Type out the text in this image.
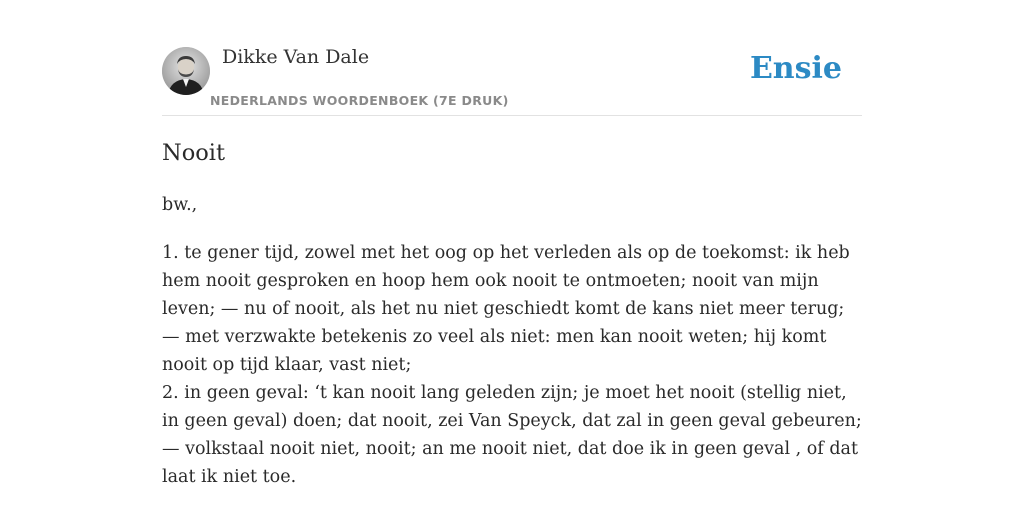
Dikke Van Dale
NEDERLANDS WOORDENBOEK (7E DRUK)
Ensie
Nooit

bw.,

1. te gener tijd, zowel met het oog op het verleden als op de toekomst: ik heb hem nooit gesproken en hoop hem ook nooit te ontmoeten; nooit van mijn leven; — nu of nooit, als het nu niet geschiedt komt de kans niet meer terug; — met verzwakte betekenis zo veel als niet: men kan nooit weten; hij komt nooit op tijd klaar, vast niet;

2. in geen geval: ‘t kan nooit lang geleden zijn; je moet het nooit (stellig niet, in geen geval) doen; dat nooit, zei Van Speyck, dat zal in geen geval gebeuren; — volkstaal nooit niet, nooit; an me nooit niet, dat doe ik in geen geval , of dat laat ik niet toe.
